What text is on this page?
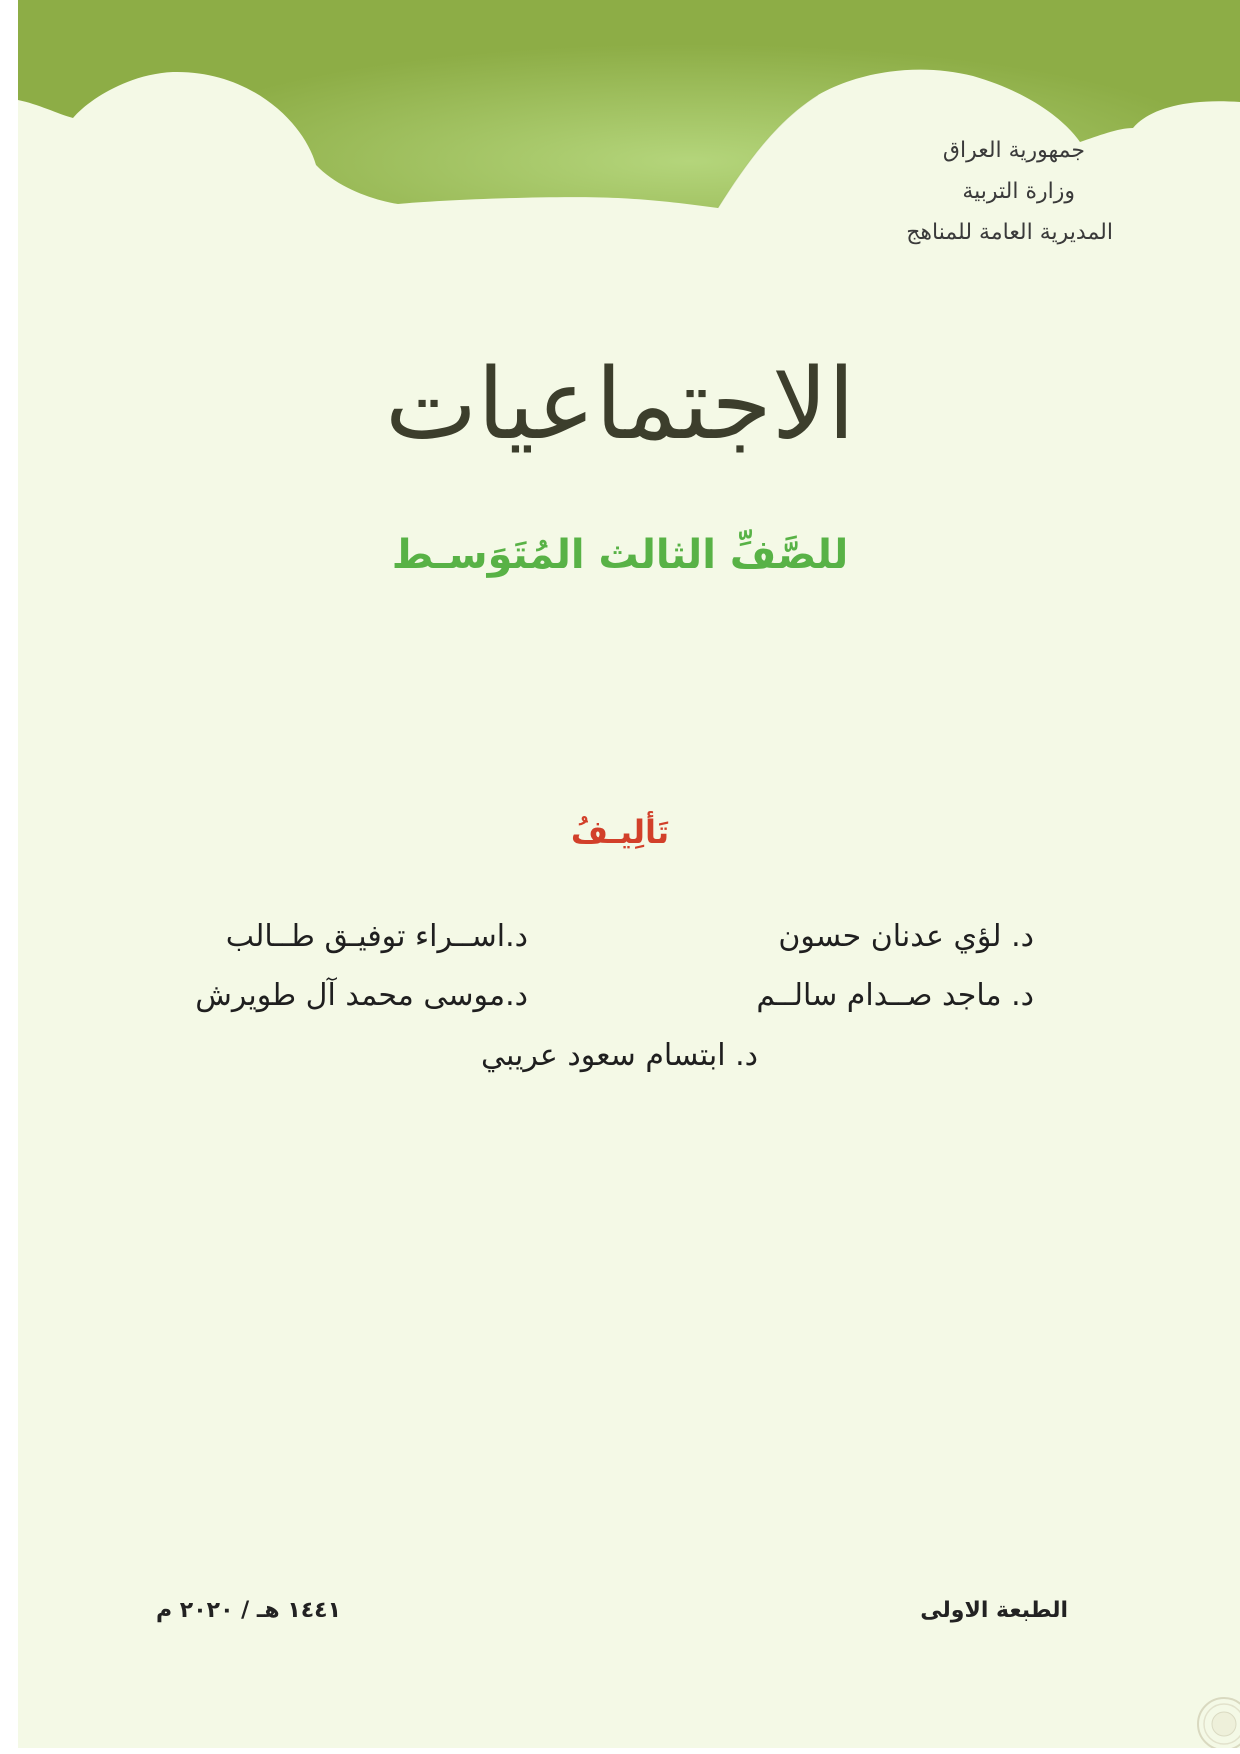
جمهورية العراق
وزارة التربية
المديرية العامة للمناهج
الاجتماعيات
للصَّفِّ الثالث المُتَوَسـط
تَألِيـفُ
د. لؤي عدنان حسون
د.اســراء توفيـق طــالب
د. ماجد صــدام سالــم
د.موسى محمد آل طويرش
د. ابتسام سعود عريبي
الطبعة الاولى
١٤٤١ هـ / ٢٠٢٠ م
